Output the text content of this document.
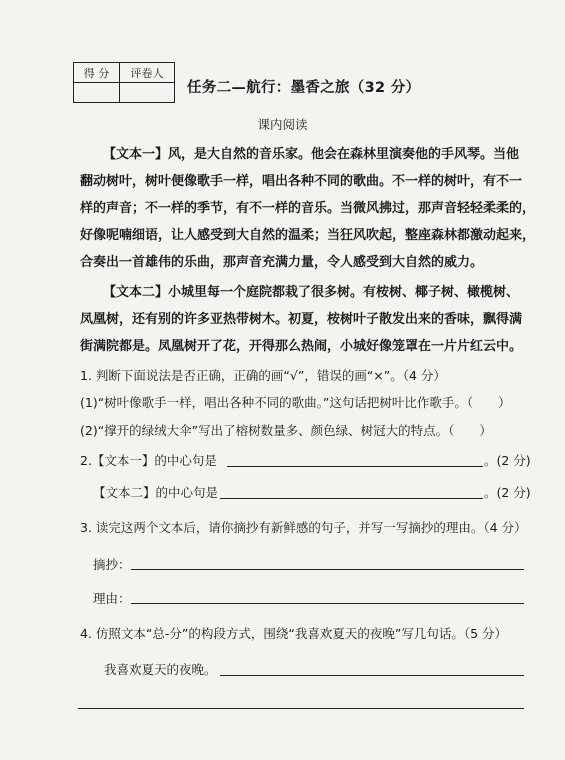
得 分	评卷人

任务二—航行：墨香之旅（32 分）
课内阅读
【文本一】风，是大自然的音乐家。他会在森林里演奏他的手风琴。当他
翻动树叶，树叶便像歌手一样，唱出各种不同的歌曲。不一样的树叶，有不一
样的声音；不一样的季节，有不一样的音乐。当微风拂过，那声音轻轻柔柔的，
好像呢喃细语，让人感受到大自然的温柔；当狂风吹起，整座森林都激动起来，
合奏出一首雄伟的乐曲，那声音充满力量，令人感受到大自然的威力。
【文本二】小城里每一个庭院都栽了很多树。有桉树、椰子树、橄榄树、
凤凰树，还有别的许多亚热带树木。初夏，桉树叶子散发出来的香味，飘得满
街满院都是。凤凰树开了花，开得那么热闹，小城好像笼罩在一片片红云中。
1. 判断下面说法是否正确，正确的画“√”，错误的画“×”。（4 分）
(1)“树叶像歌手一样，唱出各种不同的歌曲。”这句话把树叶比作歌手。（　　）
(2)“撑开的绿绒大伞”写出了榕树数量多、颜色绿、树冠大的特点。（　　）
2.【文本一】的中心句是	。(2 分)
【文本二】的中心句是	。(2 分)
3. 读完这两个文本后，请你摘抄有新鲜感的句子，并写一写摘抄的理由。（4 分）
摘抄：
理由：
4. 仿照文本“总-分”的构段方式，围绕“我喜欢夏天的夜晚”写几句话。（5 分）
我喜欢夏天的夜晚。
